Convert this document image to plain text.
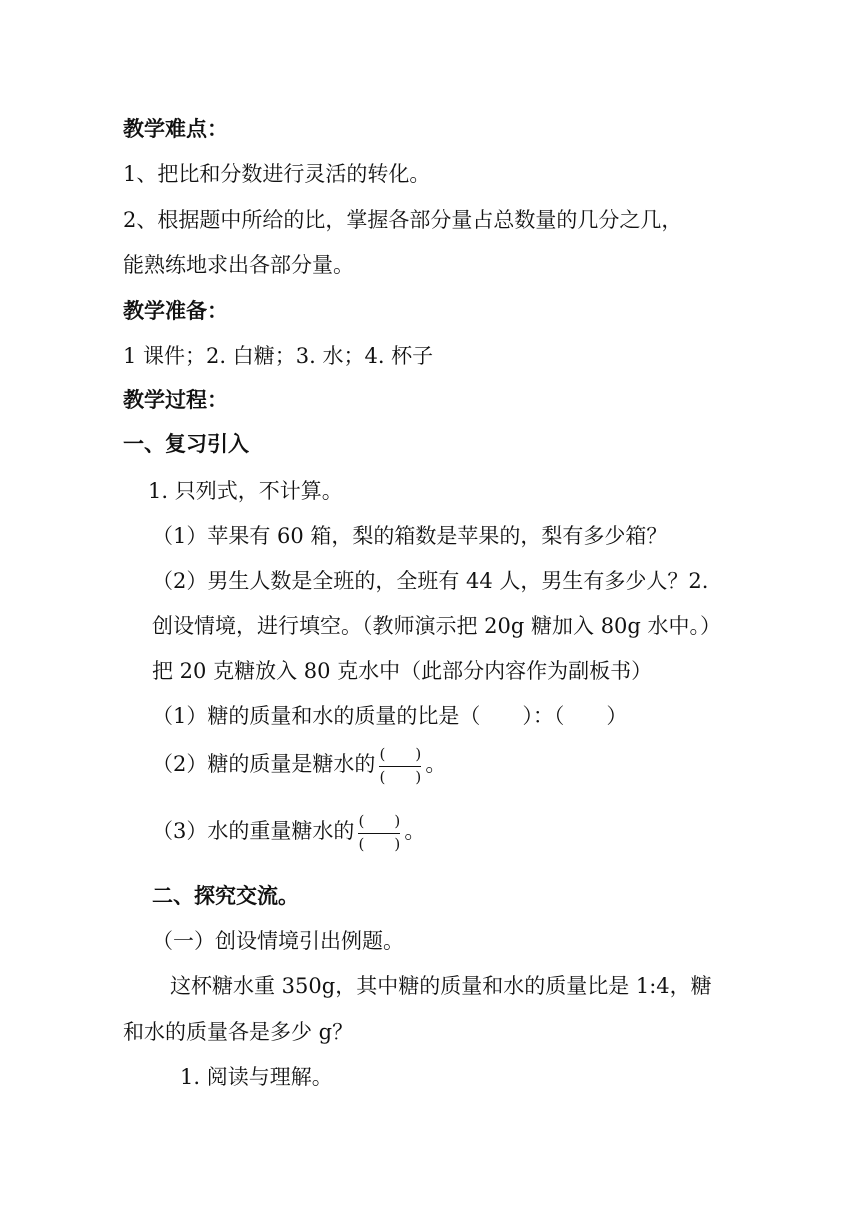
教学难点：
1、把比和分数进行灵活的转化。
2、根据题中所给的比，掌握各部分量占总数量的几分之几，
能熟练地求出各部分量。
教学准备：
1 课件；2. 白糖；3. 水；4. 杯子
教学过程：
一、复习引入
1. 只列式，不计算。
（1）苹果有 60 箱，梨的箱数是苹果的，梨有多少箱？
（2）男生人数是全班的，全班有 44 人，男生有多少人？2.
创设情境，进行填空。（教师演示把 20g 糖加入 80g 水中。）
把 20 克糖放入 80 克水中（此部分内容作为副板书）
（1）糖的质量和水的质量的比是（　　）：（　　）
（2）糖的质量是糖水的 $\frac{( )}{( )}$ 。
（3）水的重量糖水的 $\frac{( )}{( )}$ 。
二、探究交流。
（一）创设情境引出例题。
这杯糖水重 350g，其中糖的质量和水的质量比是 1:4，糖
和水的质量各是多少 g？
1. 阅读与理解。
